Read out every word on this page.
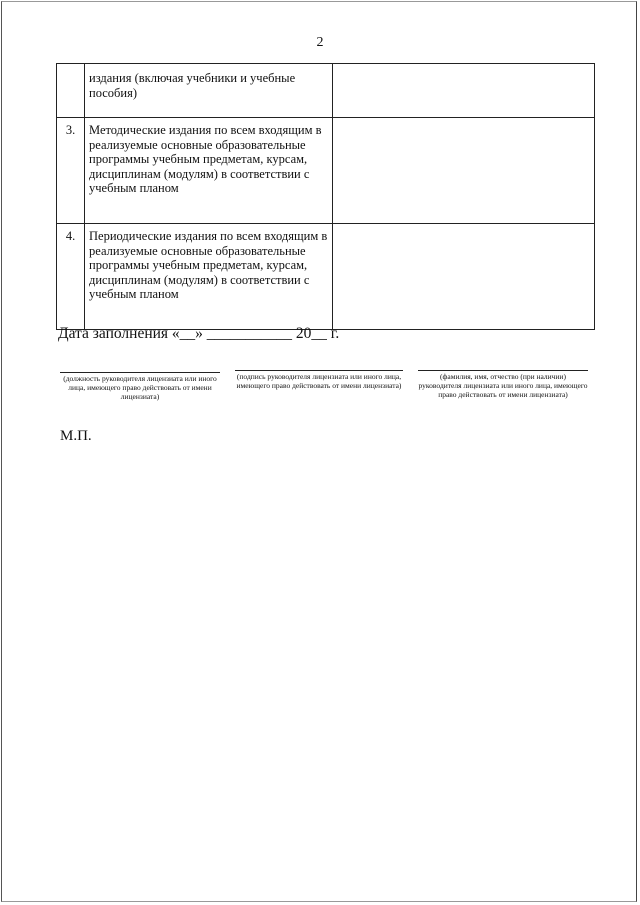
2
	издания (включая учебники и учебные пособия)	
3.	Методические издания по всем входящим в реализуемые основные образовательные программы учебным предметам, курсам, дисциплинам (модулям) в соответствии с учебным планом	
4.	Периодические издания по всем входящим в реализуемые основные образовательные программы учебным предметам, курсам, дисциплинам (модулям) в соответствии с учебным планом	
Дата заполнения «__» ___________ 20__ г.
(должность руководителя лицензиата или иного лица, имеющего право действовать от имени лицензиата)
(подпись руководителя лицензиата или иного лица, имеющего право действовать от имени лицензиата)
(фамилия, имя, отчество (при наличии) руководителя лицензиата или иного лица, имеющего право действовать от имени лицензиата)
М.П.
